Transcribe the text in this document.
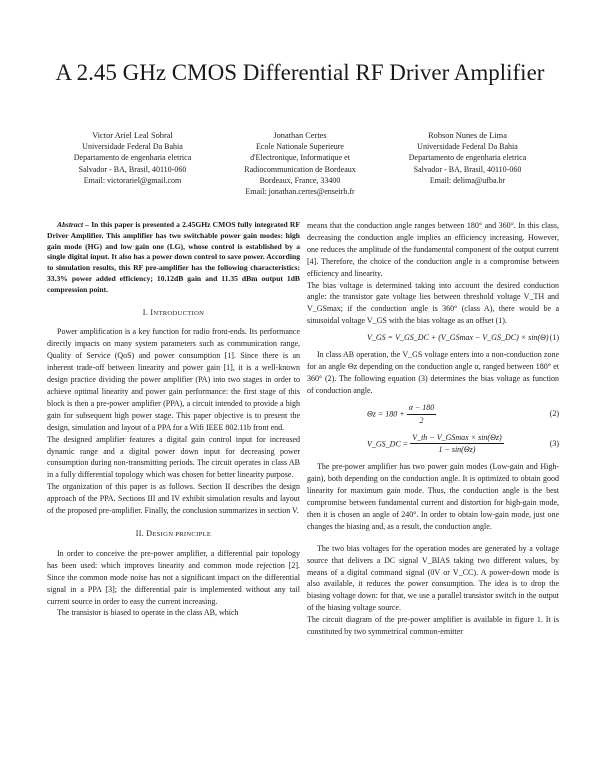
A 2.45 GHz CMOS Differential RF Driver Amplifier
Victor Ariel Leal Sobral
Universidade Federal Da Bahia
Departamento de engenharia eletrica
Salvador - BA, Brasil, 40110-060
Email: victorariel@gmail.com
Jonathan Certes
Ecole Nationale Superieure
d'Electronique, Informatique et
Radiocommunication de Bordeaux
Bordeaux, France, 33400
Email: jonathan.certes@enseirb.fr
Robson Nunes de Lima
Universidade Federal Da Bahia
Departamento de engenharia eletrica
Salvador - BA, Brasil, 40110-060
Email: delima@ufba.br

Abstract – In this paper is presented a 2.45GHz CMOS fully integrated RF Driver Amplifier. This amplifier has two switchable power gain modes: high gain mode (HG) and low gain one (LG), whose control is established by a single digital input. It also has a power down control to save power. According to simulation results, this RF pre-amplifier has the following characteristics: 33.3% power added efficiency; 10.12dB gain and 11.35 dBm output 1dB compression point.

I. INTRODUCTION

Power amplification is a key function for radio front-ends. Its performance directly impacts on many system parameters such as communication range, Quality of Service (QoS) and power consumption [1]. Since there is an inherent trade-off between linearity and power gain [1], it is a well-known design practice dividing the power amplifier (PA) into two stages in order to achieve optimal linearity and power gain performance: the first stage of this block is then a pre-power amplifier (PPA), a circuit intended to provide a high gain for subsequent high power stage. This paper objective is to present the design, simulation and layout of a PPA for a Wifi IEEE 802.11b front end.

The designed amplifier features a digital gain control input for increased dynamic range and a digital power down input for decreasing power consumption during non-transmitting periods. The circuit operates in class AB in a fully differential topology which was chosen for better linearity purpose.

The organization of this paper is as follows. Section II describes the design approach of the PPA. Sections III and IV exhibit simulation results and layout of the proposed pre-amplifier. Finally, the conclusion summarizes in section V.

II. DESIGN PRINCIPLE

In order to conceive the pre-power amplifier, a differential pair topology has been used: which improves linearity and common mode rejection [2]. Since the common mode noise has not a significant impact on the differential signal in a PPA [3]; the differential pair is implemented without any tail current source in order to easy the current increasing.

The transistor is biased to operate in the class AB, which

means that the conduction angle ranges between 180° and 360°. In this class, decreasing the conduction angle implies an efficiency increasing. However, one reduces the amplitude of the fundamental component of the output current [4]. Therefore, the choice of the conduction angle is a compromise between efficiency and linearity.

The bias voltage is determined taking into account the desired conduction angle: the transistor gate voltage lies between threshold voltage V_TH and V_GSmax; if the conduction angle is 360° (class A), there would be a sinusoidal voltage V_GS with the bias voltage as an offset (1).

V_GS = V_GS_DC + (V_GSmax − V_GS_DC) × sin(Θ) (1)

In class AB operation, the V_GS voltage enters into a non-conduction zone for an angle Θz depending on the conduction angle α, ranged between 180° et 360° (2). The following equation (3) determines the bias voltage as function of conduction angle.

$\Theta z = 180 + \frac{\alpha - 180}{2}$	(2)
V_GS_DC = $\frac{V\_th - V\_GSmax \times \sin(\Theta z)}{1 - \sin(\Theta z)}$	(3)

The pre-power amplifier has two power gain modes (Low-gain and High-gain), both depending on the conduction angle. It is optimized to obtain good linearity for maximum gain mode. Thus, the conduction angle is the best compromise between fundamental current and distortion for high-gain mode, then it is chosen an angle of 240°. In order to obtain low-gain mode, just one changes the biasing and, as a result, the conduction angle.

The two bias voltages for the operation modes are generated by a voltage source that delivers a DC signal V_BIAS taking two different values, by means of a digital command signal (0V or V_CC). A power-down mode is also available, it reduces the power consumption. The idea is to drop the biasing voltage down: for that, we use a parallel transistor switch in the output of the biasing voltage source.

The circuit diagram of the pre-power amplifier is available in figure 1. It is constituted by two symmetrical common-emitter
